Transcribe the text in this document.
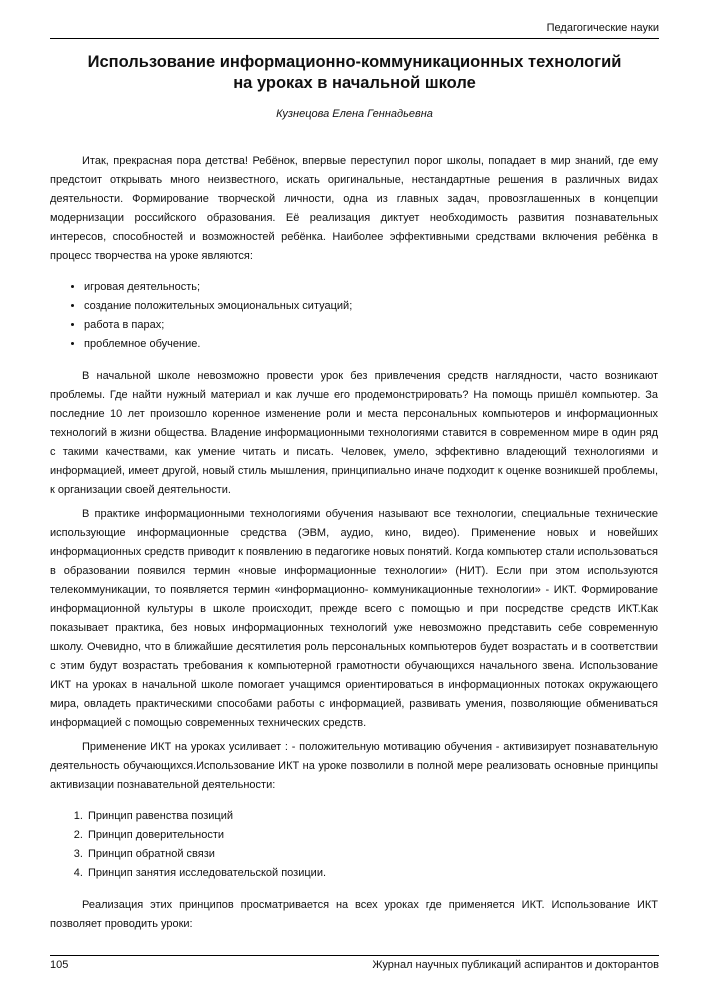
Педагогические науки
Использование информационно-коммуникационных технологий
на уроках в начальной школе
Кузнецова Елена Геннадьевна

Итак, прекрасная пора детства! Ребёнок, впервые переступил порог школы, попадает в мир знаний, где ему предстоит открывать много неизвестного, искать оригинальные, нестандартные решения в различных видах деятельности. Формирование творческой личности, одна из главных задач, провозглашенных в концепции модернизации российского образования. Её реализация диктует необходимость развития познавательных интересов, способностей и возможностей ребёнка. Наиболее эффективными средствами включения ребёнка в процесс творчества на уроке являются:

• игровая деятельность;
• создание положительных эмоциональных ситуаций;
• работа в парах;
• проблемное обучение.

В начальной школе невозможно провести урок без привлечения средств наглядности, часто возникают проблемы. Где найти нужный материал и как лучше его продемонстрировать? На помощь пришёл компьютер. За последние 10 лет произошло коренное изменение роли и места персональных компьютеров и информационных технологий в жизни общества. Владение информационными технологиями ставится в современном мире в один ряд с такими качествами, как умение читать и писать. Человек, умело, эффективно владеющий технологиями и информацией, имеет другой, новый стиль мышления, принципиально иначе подходит к оценке возникшей проблемы, к организации своей деятельности.

В практике информационными технологиями обучения называют все технологии, специальные технические использующие информационные средства (ЭВМ, аудио, кино, видео). Применение новых и новейших информационных средств приводит к появлению в педагогике новых понятий. Когда компьютер стали использоваться в образовании появился термин «новые информационные технологии» (НИТ). Если при этом используются телекоммуникации, то появляется термин «информационно- коммуникационные технологии» - ИКТ. Формирование информационной культуры в школе происходит, прежде всего с помощью и при посредстве средств ИКТ.Как показывает практика, без новых информационных технологий уже невозможно представить себе современную школу. Очевидно, что в ближайшие десятилетия роль персональных компьютеров будет возрастать и в соответствии с этим будут возрастать требования к компьютерной грамотности обучающихся начального звена. Использование ИКТ на уроках в начальной школе помогает учащимся ориентироваться в информационных потоках окружающего мира, овладеть практическими способами работы с информацией, развивать умения, позволяющие обмениваться информацией с помощью современных технических средств.

Применение ИКТ на уроках усиливает : - положительную мотивацию обучения - активизирует познавательную деятельность обучающихся.Использование ИКТ на уроке позволили в полной мере реализовать основные принципы активизации познавательной деятельности:

1. Принцип равенства позиций
2. Принцип доверительности
3. Принцип обратной связи
4. Принцип занятия исследовательской позиции.

Реализация этих принципов просматривается на всех уроках где применяется ИКТ. Использование ИКТ позволяет проводить уроки:

105	Журнал научных публикаций аспирантов и докторантов
